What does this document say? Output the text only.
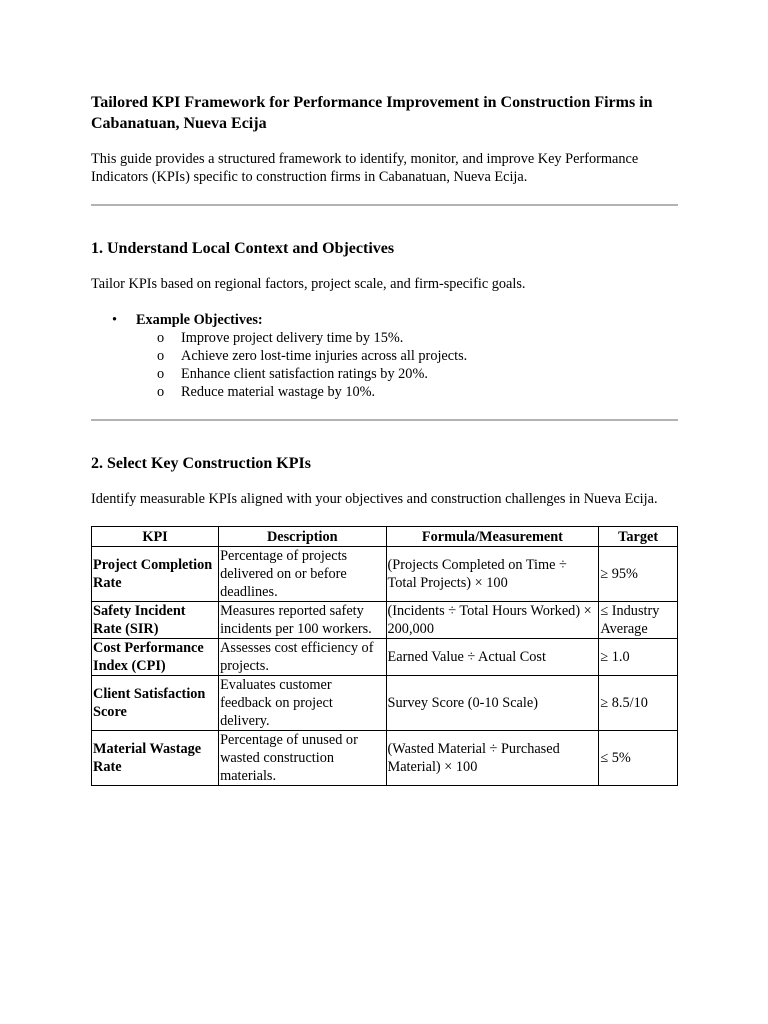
Tailored KPI Framework for Performance Improvement in Construction Firms in Cabanatuan, Nueva Ecija

This guide provides a structured framework to identify, monitor, and improve Key Performance Indicators (KPIs) specific to construction firms in Cabanatuan, Nueva Ecija.

1. Understand Local Context and Objectives

Tailor KPIs based on regional factors, project scale, and firm-specific goals.

• Example Objectives:
o Improve project delivery time by 15%.
o Achieve zero lost-time injuries across all projects.
o Enhance client satisfaction ratings by 20%.
o Reduce material wastage by 10%.
2. Select Key Construction KPIs

Identify measurable KPIs aligned with your objectives and construction challenges in Nueva Ecija.

KPI	Description	Formula/Measurement	Target
Project Completion Rate	Percentage of projects delivered on or before deadlines.	(Projects Completed on Time ÷ Total Projects) × 100	≥ 95%
Safety Incident Rate (SIR)	Measures reported safety incidents per 100 workers.	(Incidents ÷ Total Hours Worked) × 200,000	≤ Industry Average
Cost Performance Index (CPI)	Assesses cost efficiency of projects.	Earned Value ÷ Actual Cost	≥ 1.0
Client Satisfaction Score	Evaluates customer feedback on project delivery.	Survey Score (0-10 Scale)	≥ 8.5/10
Material Wastage Rate	Percentage of unused or wasted construction materials.	(Wasted Material ÷ Purchased Material) × 100	≤ 5%
